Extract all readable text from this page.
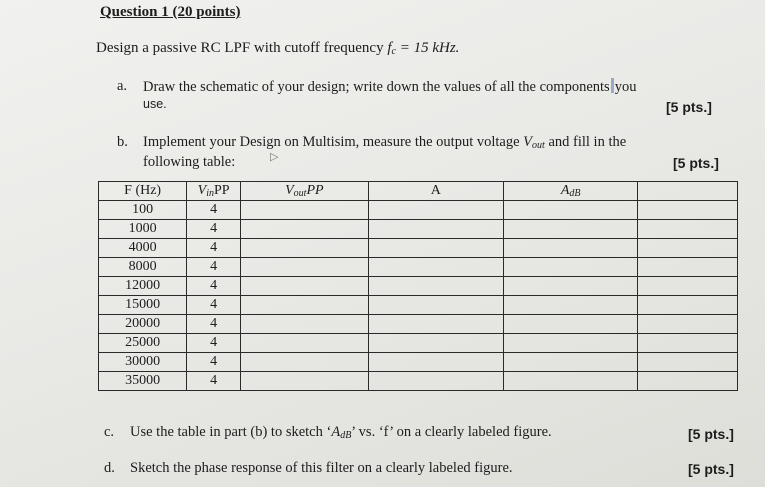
Question 1 (20 points)
Design a passive RC LPF with cutoff frequency $f_c = 15$ kHz.
a. Draw the schematic of your design; write down the values of all the components you
use.	[5 pts.]
b. Implement your Design on Multisim, measure the output voltage $V_{out}$ and fill in the
following table:	▷	[5 pts.]
F (Hz)	$V_{in}PP$	$V_{out}PP$	A	$A_{dB}$	
100	4				
1000	4				
4000	4				
8000	4				
12000	4				
15000	4				
20000	4				
25000	4				
30000	4				
35000	4				
c. Use the table in part (b) to sketch ‘$A_{dB}$’ vs. ‘f’ on a clearly labeled figure.	[5 pts.]
d. Sketch the phase response of this filter on a clearly labeled figure.	[5 pts.]
